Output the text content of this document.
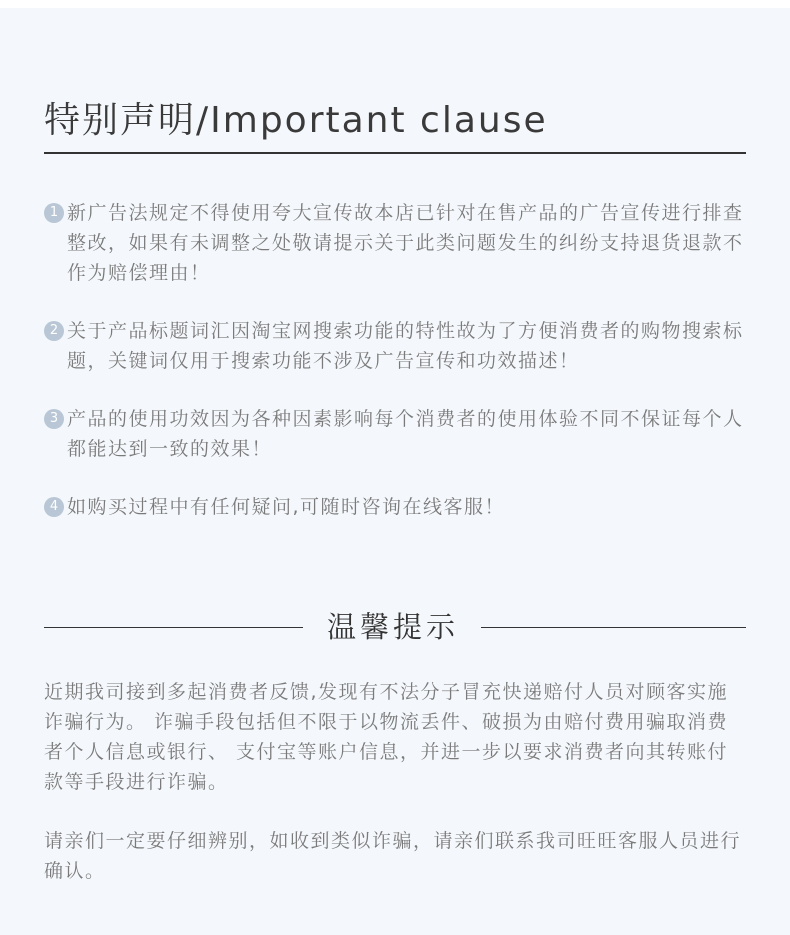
特别声明/Important clause
1 新广告法规定不得使用夸大宣传故本店已针对在售产品的广告宣传进行排查整改，如果有未调整之处敬请提示关于此类问题发生的纠纷支持退货退款不作为赔偿理由！
2 关于产品标题词汇因淘宝网搜索功能的特性故为了方便消费者的购物搜索标题，关键词仅用于搜索功能不涉及广告宣传和功效描述！
3 产品的使用功效因为各种因素影响每个消费者的使用体验不同不保证每个人都能达到一致的效果！
4 如购买过程中有任何疑问,可随时咨询在线客服！
温馨提示

近期我司接到多起消费者反馈,发现有不法分子冒充快递赔付人员对顾客实施诈骗行为。 诈骗手段包括但不限于以物流丢件、破损为由赔付费用骗取消费者个人信息或银行、 支付宝等账户信息，并进一步以要求消费者向其转账付款等手段进行诈骗。

请亲们一定要仔细辨别，如收到类似诈骗，请亲们联系我司旺旺客服人员进行确认。
